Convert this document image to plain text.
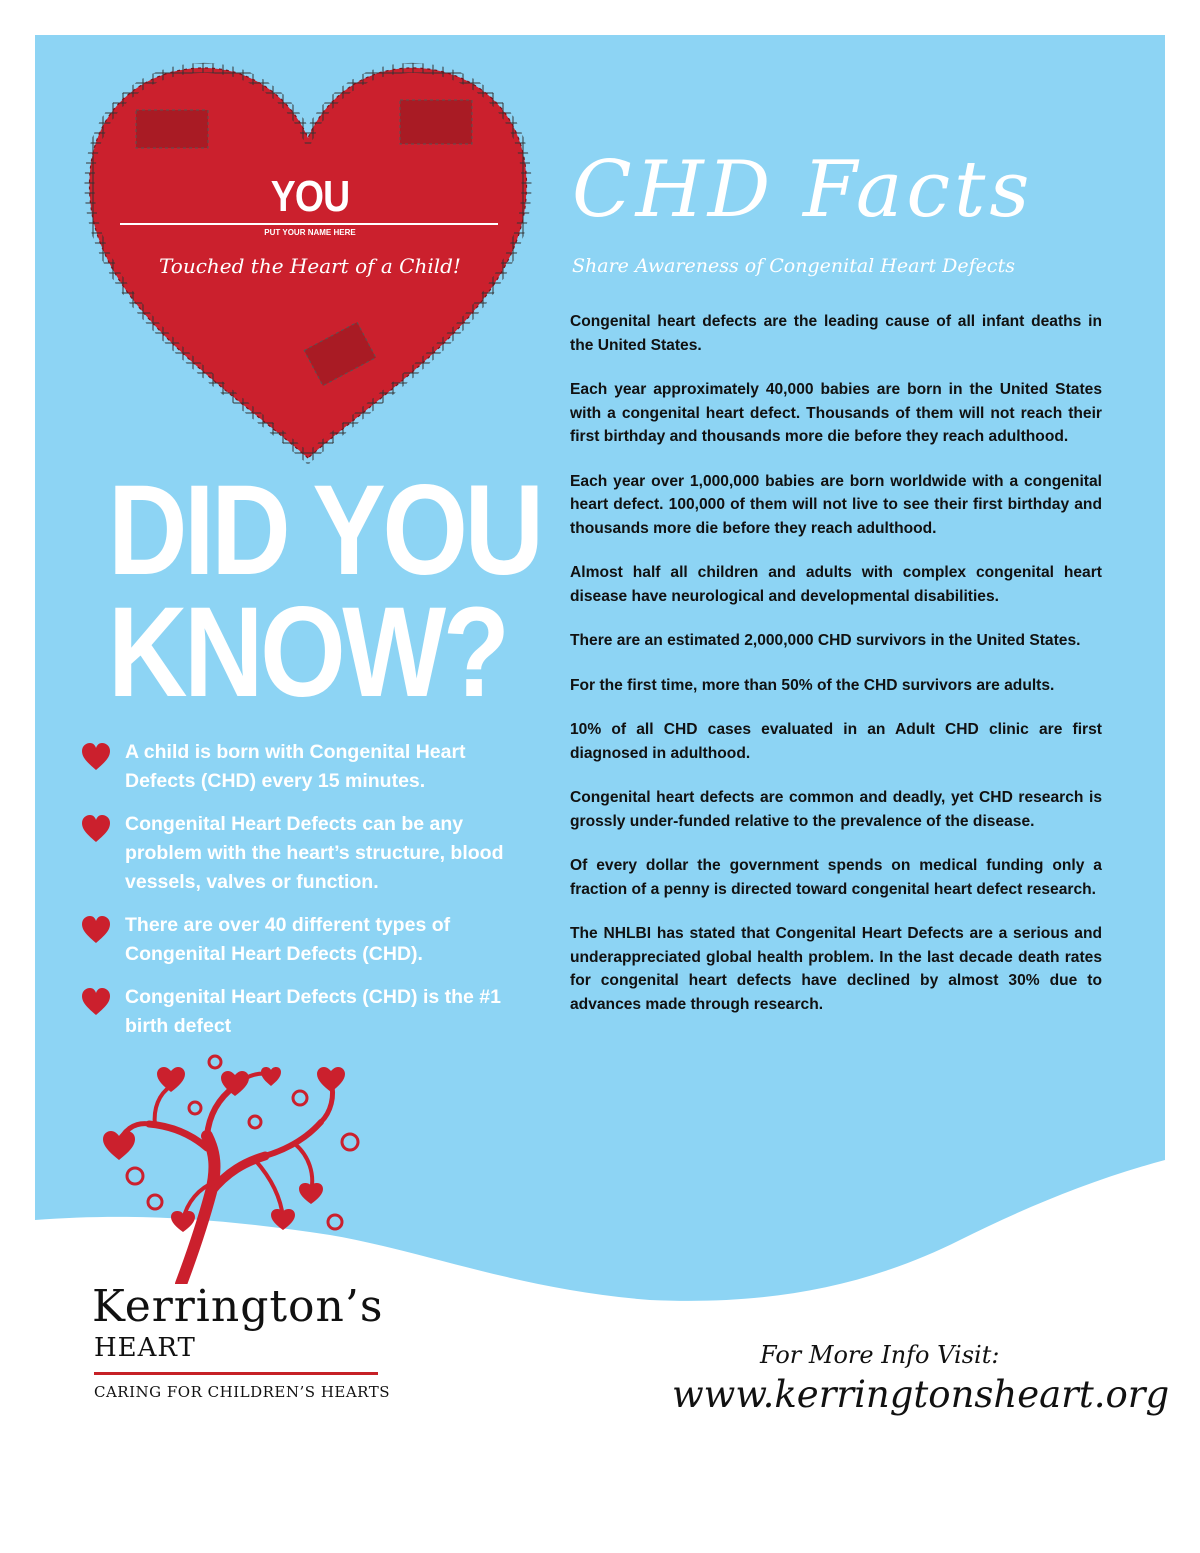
YOU
PUT YOUR NAME HERE
Touched the Heart of a Child!
DID YOU
KNOW?
A child is born with Congenital Heart Defects (CHD) every 15 minutes.
Congenital Heart Defects can be any problem with the heart’s structure, blood vessels, valves or function.
There are over 40 different types of Congenital Heart Defects (CHD).
Congenital Heart Defects (CHD) is the #1 birth defect
CHD Facts
Share Awareness of Congenital Heart Defects

Congenital heart defects are the leading cause of all infant deaths in the United States.

Each year approximately 40,000 babies are born in the United States with a congenital heart defect. Thousands of them will not reach their first birthday and thousands more die before they reach adulthood.

Each year over 1,000,000 babies are born worldwide with a congenital heart defect. 100,000 of them will not live to see their first birthday and thousands more die before they reach adulthood.

Almost half all children and adults with complex congenital heart disease have neurological and developmental disabilities.

There are an estimated 2,000,000 CHD survivors in the United States.

For the first time, more than 50% of the CHD survivors are adults.

10% of all CHD cases evaluated in an Adult CHD clinic are first diagnosed in adulthood.

Congenital heart defects are common and deadly, yet CHD research is grossly under-funded relative to the prevalence of the disease.

Of every dollar the government spends on medical funding only a fraction of a penny is directed toward congenital heart defect research.

The NHLBI has stated that Congenital Heart Defects are a serious and underappreciated global health problem. In the last decade death rates for congenital heart defects have declined by almost 30% due to advances made through research.

Kerrington’s
HEART
CARING FOR CHILDREN’S HEARTS
For More Info Visit:
www.kerringtonsheart.org
